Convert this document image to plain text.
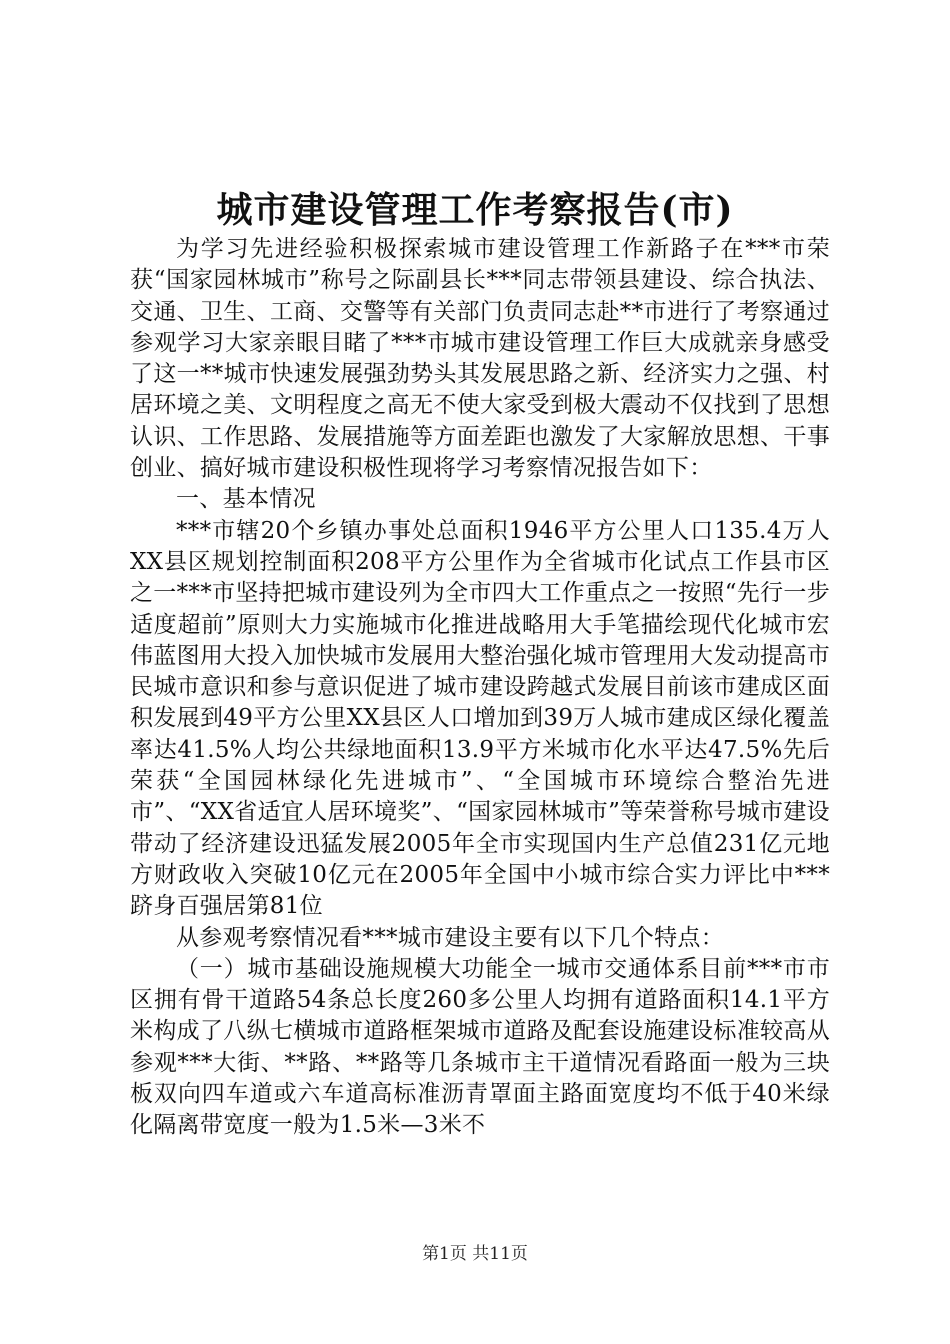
城市建设管理工作考察报告(市)

为学习先进经验积极探索城市建设管理工作新路子在***市荣获“国家园林城市”称号之际副县长***同志带领县建设、综合执法、交通、卫生、工商、交警等有关部门负责同志赴**市进行了考察通过参观学习大家亲眼目睹了***市城市建设管理工作巨大成就亲身感受了这一**城市快速发展强劲势头其发展思路之新、经济实力之强、村居环境之美、文明程度之高无不使大家受到极大震动不仅找到了思想认识、工作思路、发展措施等方面差距也激发了大家解放思想、干事创业、搞好城市建设积极性现将学习考察情况报告如下：

一、基本情况

***市辖20个乡镇办事处总面积1946平方公里人口135.4万人XX县区规划控制面积208平方公里作为全省城市化试点工作县市区之一***市坚持把城市建设列为全市四大工作重点之一按照“先行一步适度超前”原则大力实施城市化推进战略用大手笔描绘现代化城市宏伟蓝图用大投入加快城市发展用大整治强化城市管理用大发动提高市民城市意识和参与意识促进了城市建设跨越式发展目前该市建成区面积发展到49平方公里XX县区人口增加到39万人城市建成区绿化覆盖率达41.5%人均公共绿地面积13.9平方米城市化水平达47.5%先后荣获“全国园林绿化先进城市”、“全国城市环境综合整治先进市”、“XX省适宜人居环境奖”、“国家园林城市”等荣誉称号城市建设带动了经济建设迅猛发展2005年全市实现国内生产总值231亿元地方财政收入突破10亿元在2005年全国中小城市综合实力评比中***跻身百强居第81位

从参观考察情况看***城市建设主要有以下几个特点：

（一）城市基础设施规模大功能全一城市交通体系目前***市市区拥有骨干道路54条总长度260多公里人均拥有道路面积14.1平方米构成了八纵七横城市道路框架城市道路及配套设施建设标准较高从参观***大街、**路、**路等几条城市主干道情况看路面一般为三块板双向四车道或六车道高标准沥青罩面主路面宽度均不低于40米绿化隔离带宽度一般为1.5米—3米不

第1页 共11页
